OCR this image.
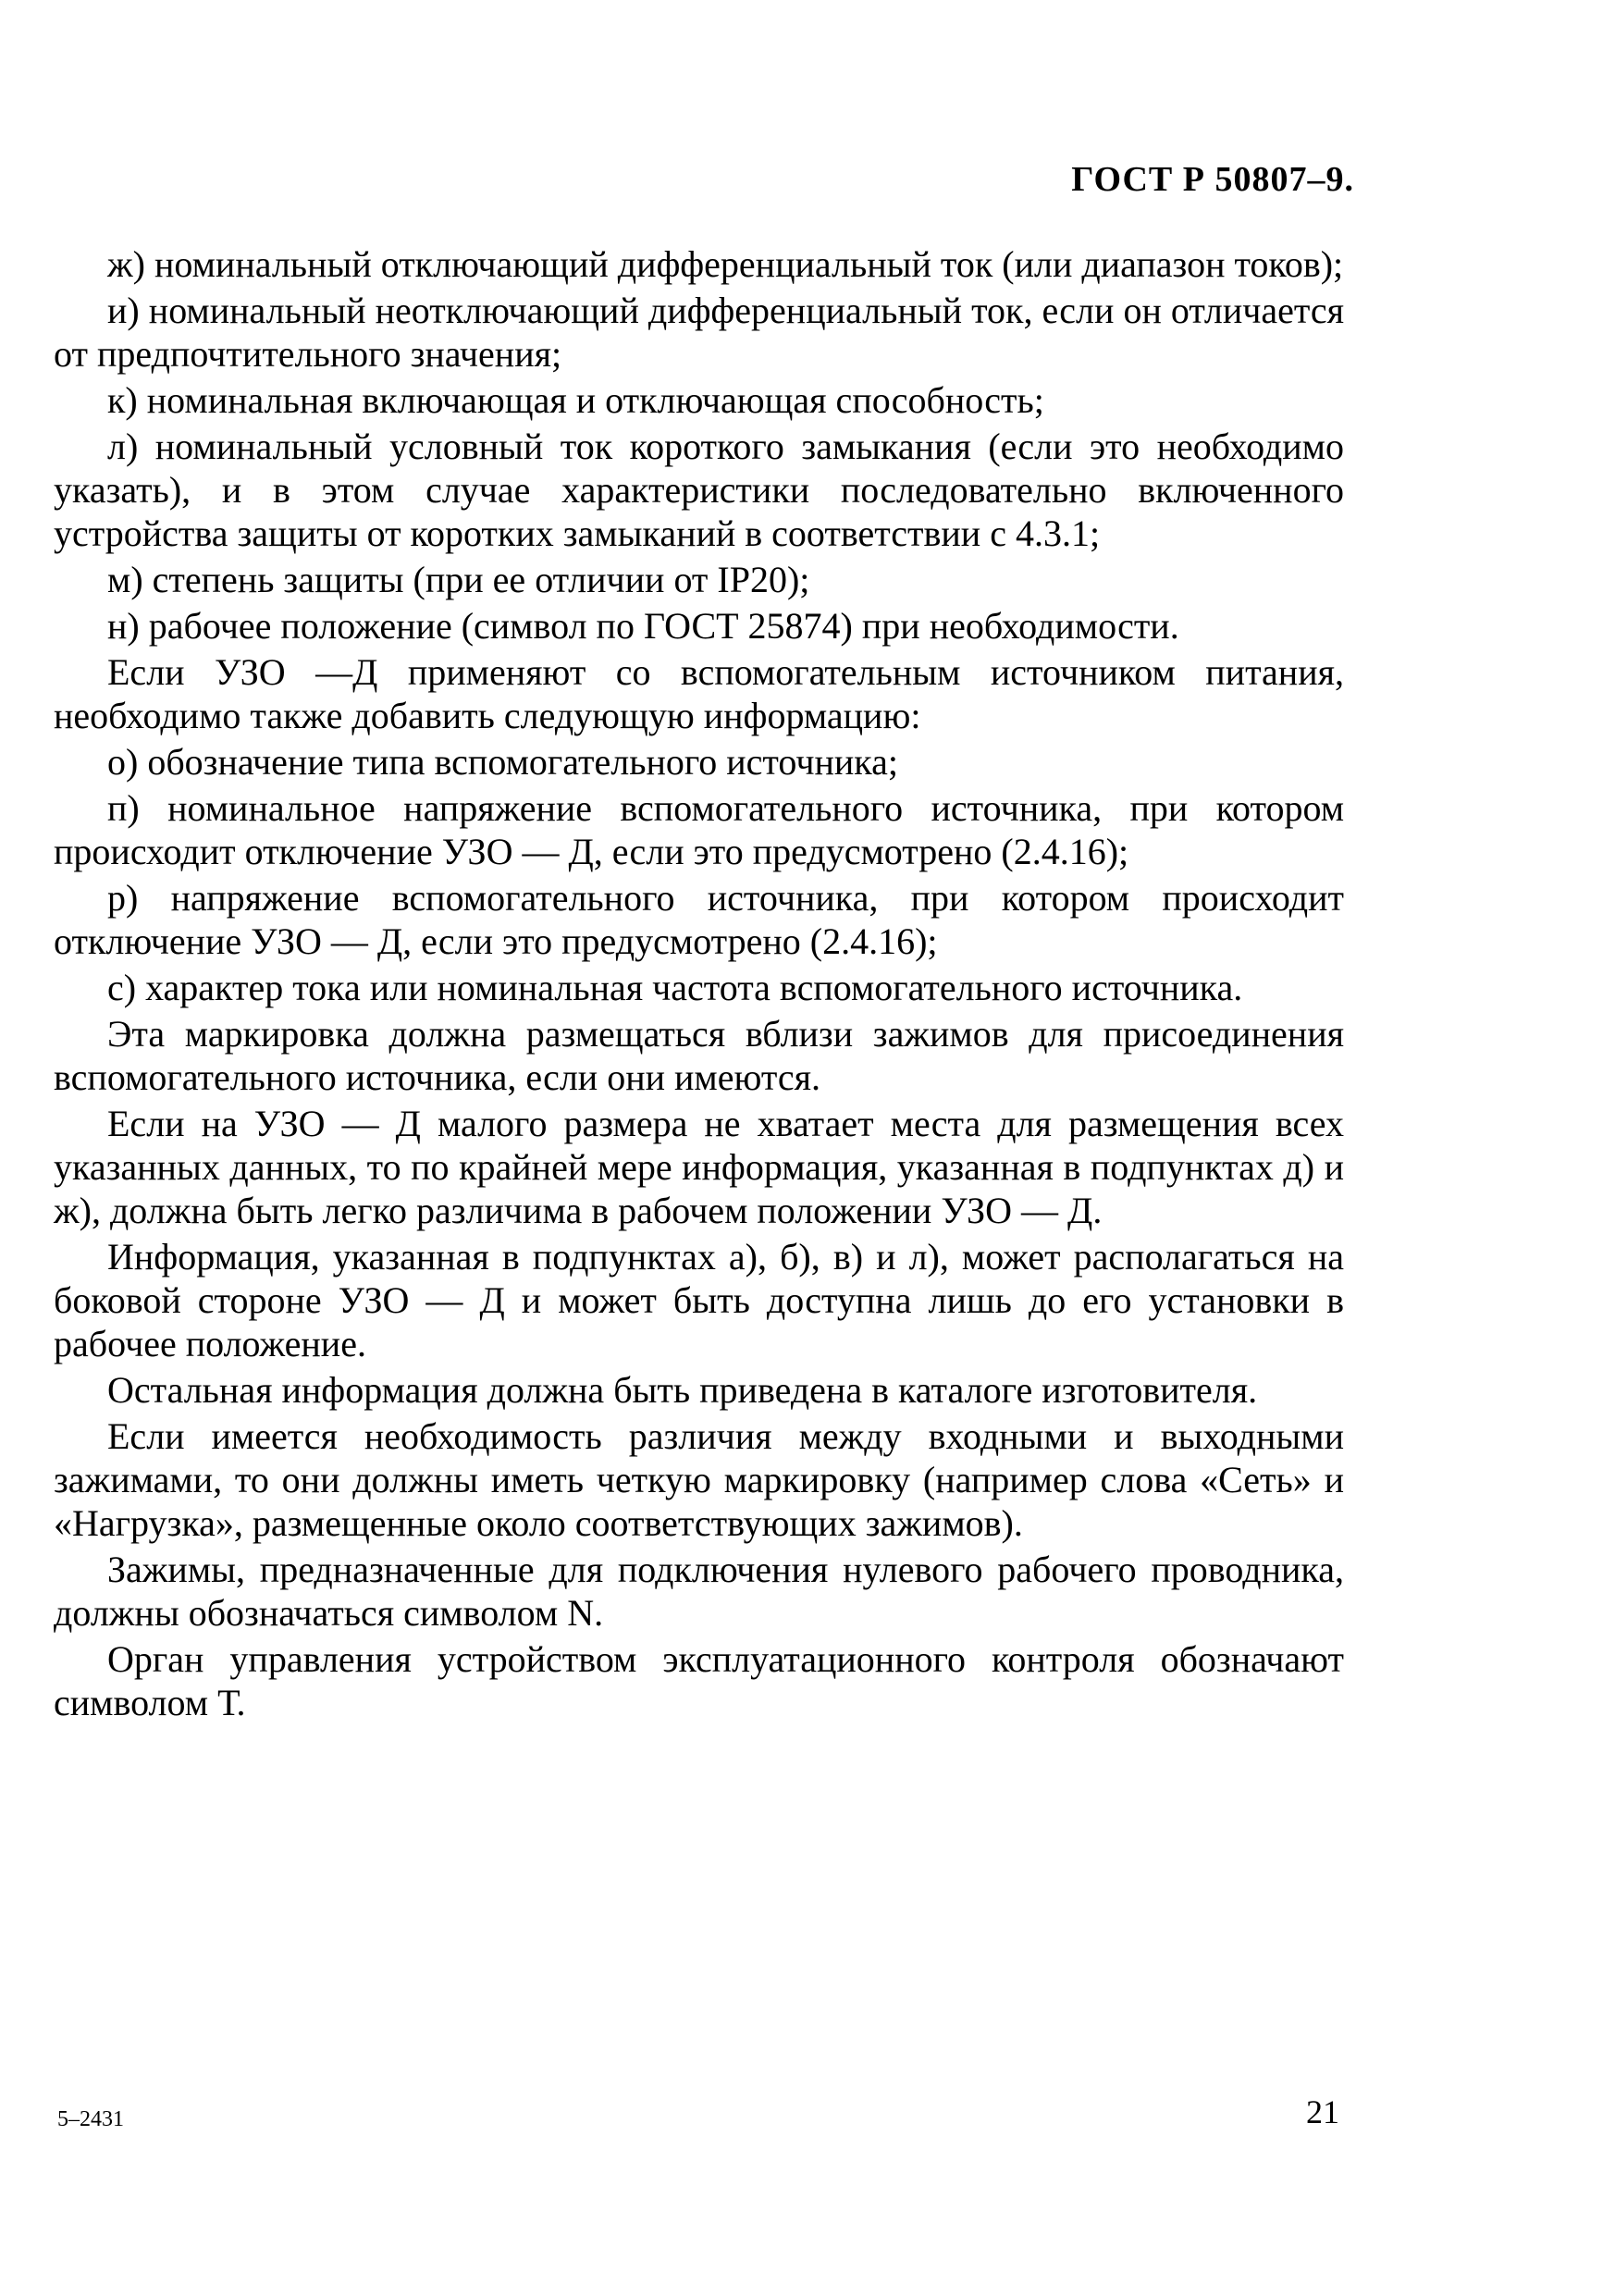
ГОСТ Р 50807–9.

ж) номинальный отключающий дифференциальный ток (или диапазон токов);

и) номинальный неотключающий дифференциальный ток, если он отличается от предпочтительного значения;

к) номинальная включающая и отключающая способность;

л) номинальный условный ток короткого замыкания (если это необходимо указать), и в этом случае характеристики последовательно включенного устройства защиты от коротких замыканий в соответствии с 4.3.1;

м) степень защиты (при ее отличии от IP20);

н) рабочее положение (символ по ГОСТ 25874) при необходимости.

Если УЗО —Д применяют со вспомогательным источником питания, необходимо также добавить следующую информацию:

о) обозначение типа вспомогательного источника;

п) номинальное напряжение вспомогательного источника, при котором происходит отключение УЗО — Д, если это предусмотрено (2.4.16);

р) напряжение вспомогательного источника, при котором происходит отключение УЗО — Д, если это предусмотрено (2.4.16);

с) характер тока или номинальная частота вспомогательного источника.

Эта маркировка должна размещаться вблизи зажимов для присоединения вспомогательного источника, если они имеются.

Если на УЗО — Д малого размера не хватает места для размещения всех указанных данных, то по крайней мере информация, указанная в подпунктах д) и ж), должна быть легко различима в рабочем положении УЗО — Д.

Информация, указанная в подпунктах а), б), в) и л), может располагаться на боковой стороне УЗО — Д и может быть доступна лишь до его установки в рабочее положение.

Остальная информация должна быть приведена в каталоге изготовителя.

Если имеется необходимость различия между входными и выходными зажимами, то они должны иметь четкую маркировку (например слова «Сеть» и «Нагрузка», размещенные около соответствующих зажимов).

Зажимы, предназначенные для подключения нулевого рабочего проводника, должны обозначаться символом N.

Орган управления устройством эксплуатационного контроля обозначают символом Т.

5–2431	21
